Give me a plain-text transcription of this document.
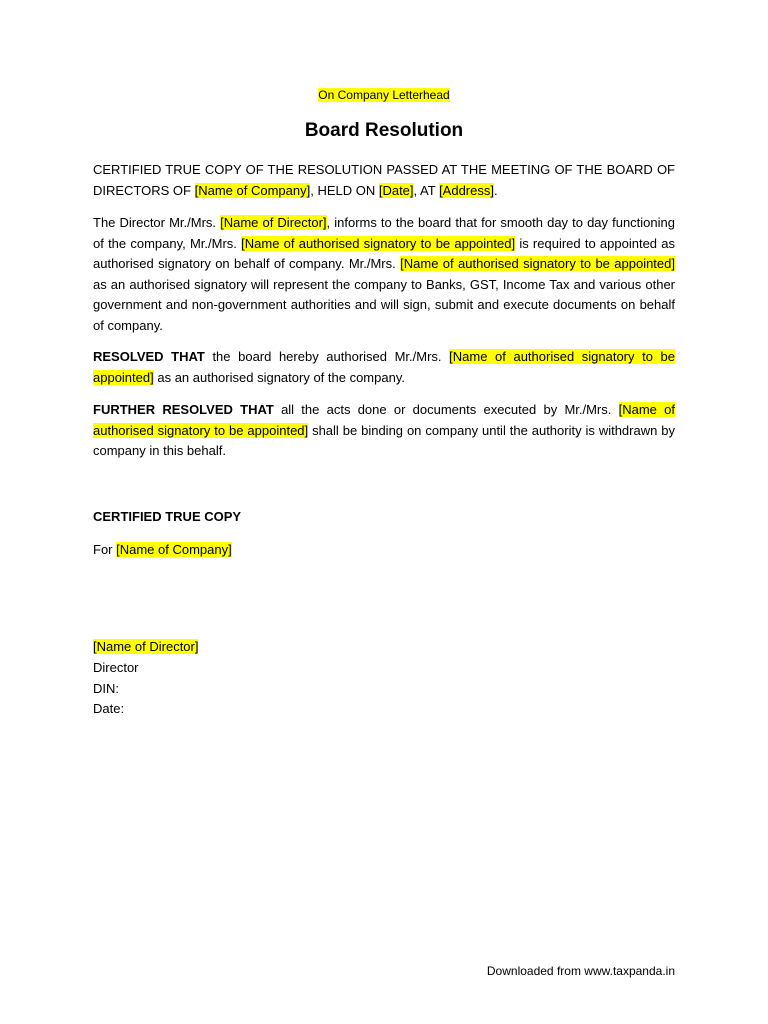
On Company Letterhead
Board Resolution
CERTIFIED TRUE COPY OF THE RESOLUTION PASSED AT THE MEETING OF THE BOARD OF DIRECTORS OF [Name of Company], HELD ON [Date], AT [Address].
The Director Mr./Mrs. [Name of Director], informs to the board that for smooth day to day functioning of the company, Mr./Mrs. [Name of authorised signatory to be appointed] is required to appointed as authorised signatory on behalf of company. Mr./Mrs. [Name of authorised signatory to be appointed] as an authorised signatory will represent the company to Banks, GST, Income Tax and various other government and non-government authorities and will sign, submit and execute documents on behalf of company.
RESOLVED THAT the board hereby authorised Mr./Mrs. [Name of authorised signatory to be appointed] as an authorised signatory of the company.
FURTHER RESOLVED THAT all the acts done or documents executed by Mr./Mrs. [Name of authorised signatory to be appointed] shall be binding on company until the authority is withdrawn by company in this behalf.
CERTIFIED TRUE COPY
For [Name of Company]
[Name of Director]
Director
DIN:
Date:
Downloaded from www.taxpanda.in
